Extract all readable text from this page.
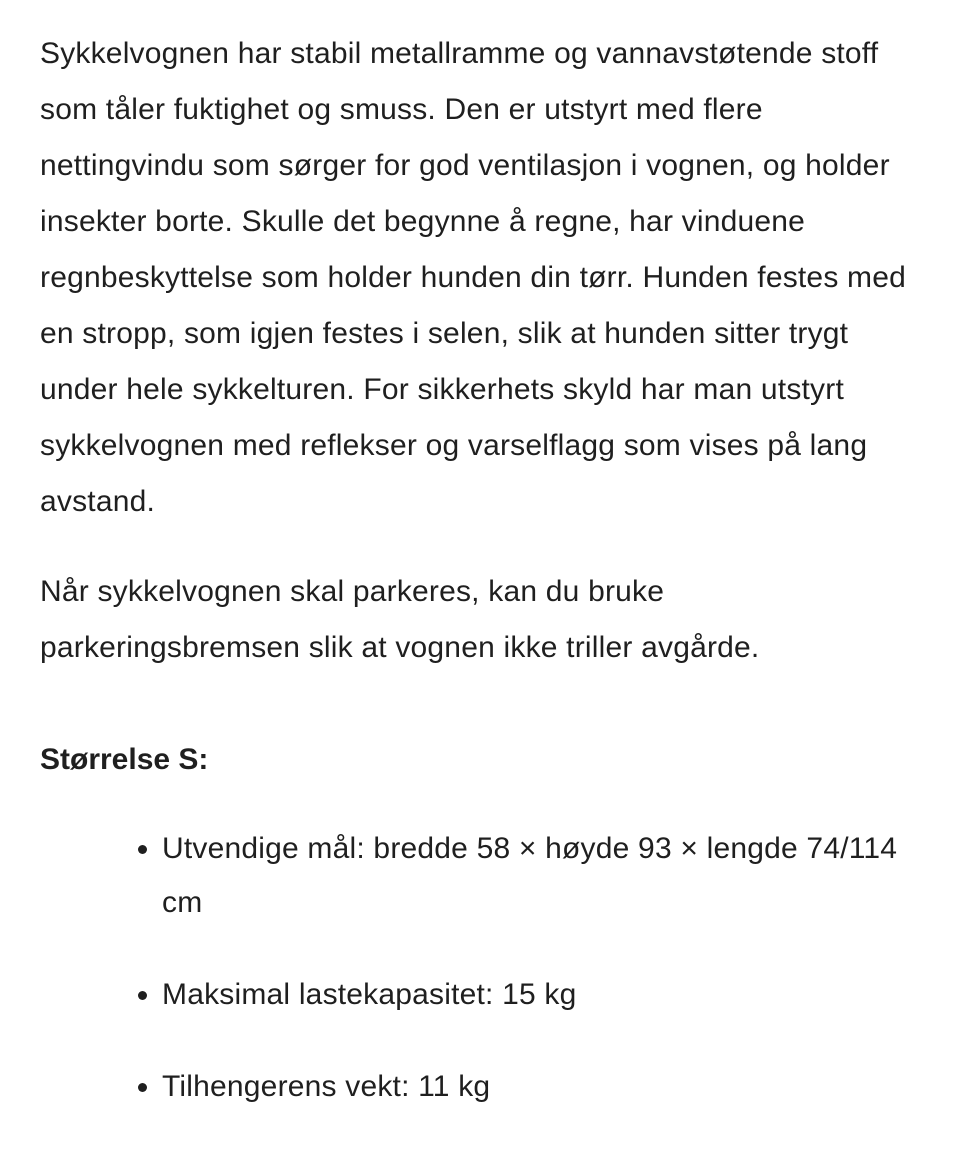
Sykkelvognen har stabil metallramme og vannavstøtende stoff som tåler fuktighet og smuss. Den er utstyrt med flere nettingvindu som sørger for god ventilasjon i vognen, og holder insekter borte. Skulle det begynne å regne, har vinduene regnbeskyttelse som holder hunden din tørr. Hunden festes med en stropp, som igjen festes i selen, slik at hunden sitter trygt under hele sykkelturen. For sikkerhets skyld har man utstyrt sykkelvognen med reflekser og varselflagg som vises på lang avstand.

Når sykkelvognen skal parkeres, kan du bruke parkeringsbremsen slik at vognen ikke triller avgårde.

Størrelse S:
Utvendige mål: bredde 58 × høyde 93 × lengde 74/114 cm
Maksimal lastekapasitet: 15 kg
Tilhengerens vekt: 11 kg
